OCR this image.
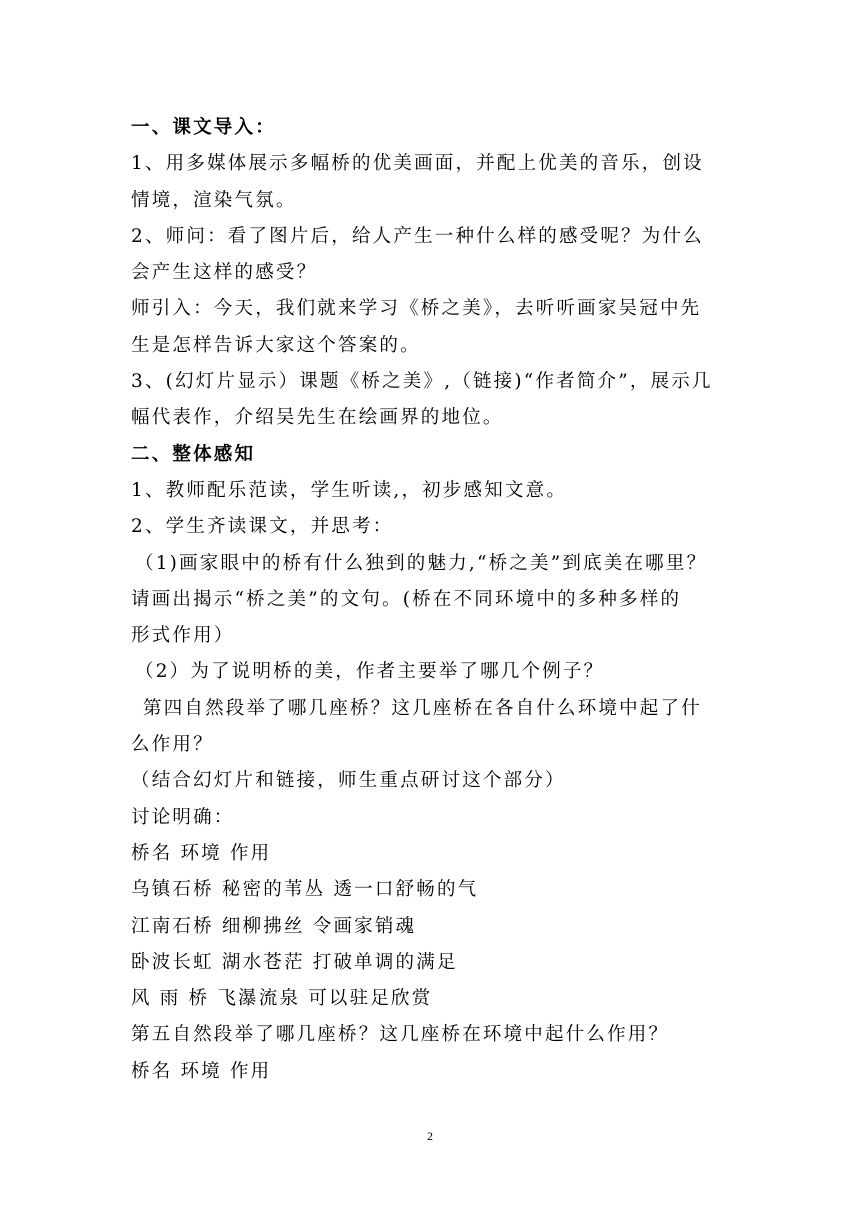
一、课文导入：
1、用多媒体展示多幅桥的优美画面，并配上优美的音乐，创设
情境，渲染气氛。
2、师问：看了图片后，给人产生一种什么样的感受呢？为什么
会产生这样的感受？
师引入：今天，我们就来学习《桥之美》，去听听画家吴冠中先
生是怎样告诉大家这个答案的。
3、(幻灯片显示）课题《桥之美》,（链接)“作者简介”，展示几
幅代表作，介绍吴先生在绘画界的地位。
二、整体感知
1、教师配乐范读，学生听读,，初步感知文意。
2、学生齐读课文，并思考：
（1)画家眼中的桥有什么独到的魅力,“桥之美”到底美在哪里？
请画出揭示“桥之美”的文句。(桥在不同环境中的多种多样的
形式作用）
（2）为了说明桥的美，作者主要举了哪几个例子？
第四自然段举了哪几座桥？这几座桥在各自什么环境中起了什
么作用？
（结合幻灯片和链接，师生重点研讨这个部分）
讨论明确：
桥名 环境 作用
乌镇石桥 秘密的苇丛 透一口舒畅的气
江南石桥 细柳拂丝 令画家销魂
卧波长虹 湖水苍茫 打破单调的满足
风 雨 桥 飞瀑流泉 可以驻足欣赏
第五自然段举了哪几座桥？这几座桥在环境中起什么作用？
桥名 环境 作用
2
